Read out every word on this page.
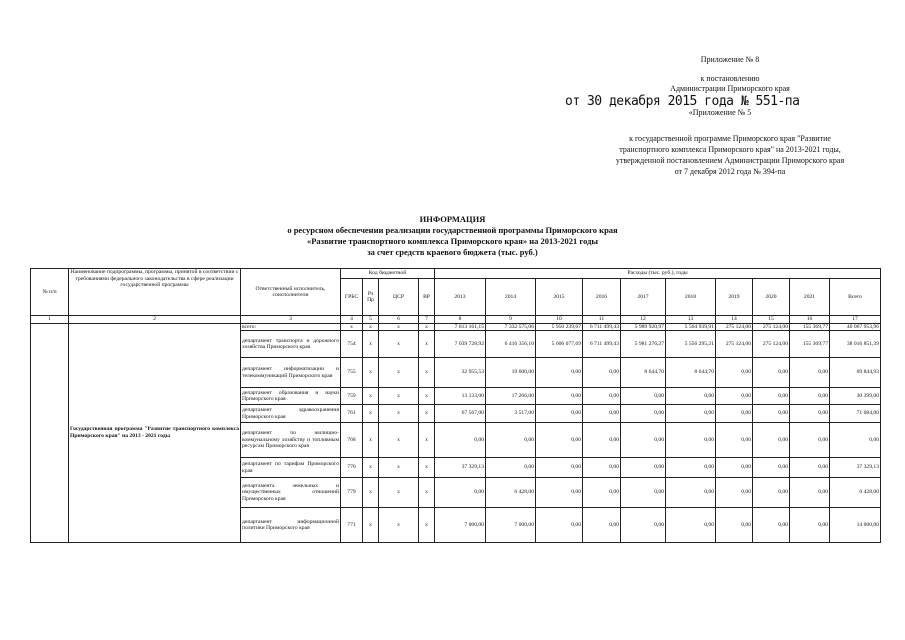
Приложение № 8
к постановлению
Администрации Приморского края
от 30 декабря 2015 года № 551-па
«Приложение № 5
к государственной программе Приморского края "Развитие
транспортного комплекса Приморского края" на 2013-2021 годы,
утвержденной постановлением Администрации Приморского края
от 7 декабря 2012 года № 394-па
ИНФОРМАЦИЯ
о ресурсном обеспечении реализации государственной программы Приморского края
«Развитие транспортного комплекса Приморского края» на 2013-2021 годы
за счет средств краевого бюджета (тыс. руб.)
№ п/п	Наименование подпрограммы, программы, принятой в соответствии с требованиями федерального законодательства в сфере реализации государственной программы	Ответственный исполнитель, соисполнители	Код бюджетной				Расходы (тыс. руб.), годы									
			ГРБС	Рз Пр	ЦСР	ВР	2013	2014	2015	2016	2017	2018	2019	2020	2021	Всего
1	2	3	4	5	6	7	8	9	10	11	12	13	14	15	16	17
	Государственная программа "Развитие транспортного комплекса Приморского края" на 2013 - 2021 годы	всего:	x	x	x	x	7 813 161,15	7 332 575,06	5 950 239,67	6 711 499,43	5 989 920,97	5 564 939,91	275 124,00	275 124,00	155 369,77	40 067 953,96
		департамент транспорта и дорожного хозяйства Приморского края	754	x	x	x	7 039 728,92	6 416 356,10	5 606 077,69	6 711 499,43	5 981 276,27	5 556 295,21	275 124,00	275 124,00	155 369,77	38 016 851,39
		департамент информатизации и телекоммуникаций Приморского края	755	x	x	x	32 955,53	19 600,00	0,00	0,00	8 644,70	8 644,70	0,00	0,00	0,00	69 844,93
		департамент образования и науки Приморского края	759	x	x	x	13 133,00	17 266,00	0,00	0,00	0,00	0,00	0,00	0,00	0,00	30 399,00
		департамент здравоохранения Приморского края	761	x	x	x	67 567,00	3 517,00	0,00	0,00	0,00	0,00	0,00	0,00	0,00	71 084,00
		департамент по жилищно-коммунальному хозяйству и топливным ресурсам Приморского края	768	x	x	x	0,00	0,00	0,00	0,00	0,00	0,00	0,00	0,00	0,00	0,00
		департамент по тарифам Приморского края	770	x	x	x	37 329,13	0,00	0,00	0,00	0,00	0,00	0,00	0,00	0,00	37 329,13
		департамента земельных и имущественных отношений Приморского края	779	x	x	x	0,00	6 428,00	0,00	0,00	0,00	0,00	0,00	0,00	0,00	6 428,00
		департамент информационной политики Приморского края	771	x	x	x	7 000,00	7 000,00	0,00	0,00	0,00	0,00	0,00	0,00	0,00	14 000,00
